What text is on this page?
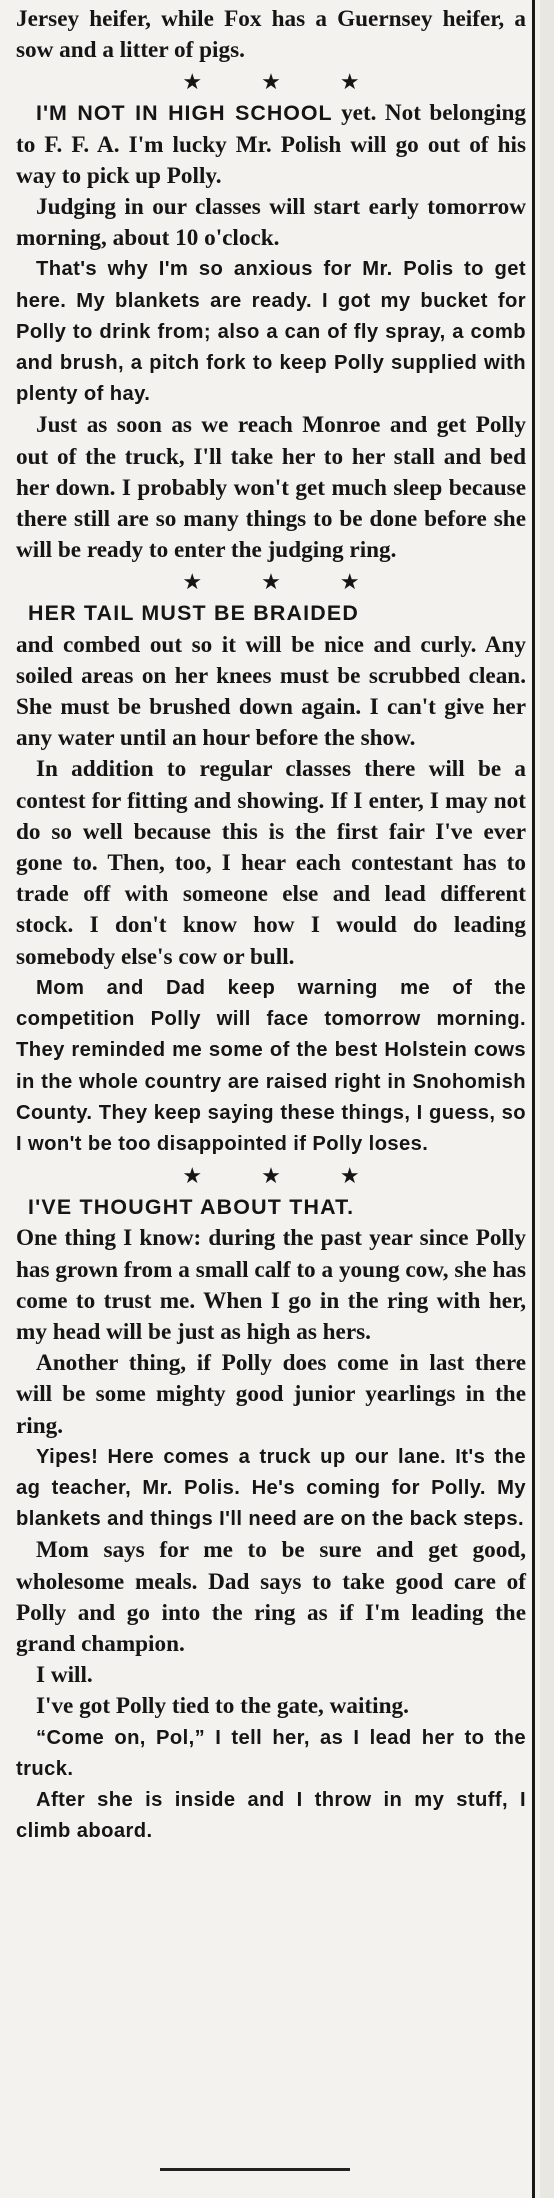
Jersey heifer, while Fox has a Guernsey heifer, a sow and a litter of pigs.

★ ★ ★

I'M NOT IN HIGH SCHOOL yet. Not belonging to F. F. A. I'm lucky Mr. Polish will go out of his way to pick up Polly.

Judging in our classes will start early tomorrow morning, about 10 o'clock.

That's why I'm so anxious for Mr. Polis to get here. My blankets are ready. I got my bucket for Polly to drink from; also a can of fly spray, a comb and brush, a pitch fork to keep Polly supplied with plenty of hay.

Just as soon as we reach Monroe and get Polly out of the truck, I'll take her to her stall and bed her down. I probably won't get much sleep because there still are so many things to be done before she will be ready to enter the judging ring.

★ ★ ★

HER TAIL MUST BE BRAIDED

and combed out so it will be nice and curly. Any soiled areas on her knees must be scrubbed clean. She must be brushed down again. I can't give her any water until an hour before the show.

In addition to regular classes there will be a contest for fitting and showing. If I enter, I may not do so well because this is the first fair I've ever gone to. Then, too, I hear each contestant has to trade off with someone else and lead different stock. I don't know how I would do leading somebody else's cow or bull.

Mom and Dad keep warning me of the competition Polly will face tomorrow morning. They reminded me some of the best Holstein cows in the whole country are raised right in Snohomish County. They keep saying these things, I guess, so I won't be too disappointed if Polly loses.

★ ★ ★

I'VE THOUGHT ABOUT THAT.

One thing I know: during the past year since Polly has grown from a small calf to a young cow, she has come to trust me. When I go in the ring with her, my head will be just as high as hers.

Another thing, if Polly does come in last there will be some mighty good junior yearlings in the ring.

Yipes! Here comes a truck up our lane. It's the ag teacher, Mr. Polis. He's coming for Polly. My blankets and things I'll need are on the back steps.

Mom says for me to be sure and get good, wholesome meals. Dad says to take good care of Polly and go into the ring as if I'm leading the grand champion.

I will.

I've got Polly tied to the gate, waiting.

“Come on, Pol,” I tell her, as I lead her to the truck.

After she is inside and I throw in my stuff, I climb aboard.
